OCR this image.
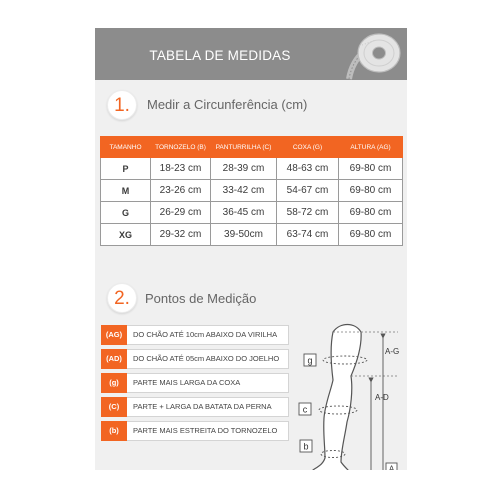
TABELA DE MEDIDAS
1.	Medir a Circunferência (cm)
TAMANHO	TORNOZELO (B)	PANTURRILHA (C)	COXA (G)	ALTURA (AG)
P	18-23 cm	28-39 cm	48-63 cm	69-80 cm
M	23-26 cm	33-42 cm	54-67 cm	69-80 cm
G	26-29 cm	36-45 cm	58-72 cm	69-80 cm
XG	29-32 cm	39-50cm	63-74 cm	69-80 cm
2.	Pontos de Medição
(AG)	DO CHÃO ATÉ 10cm ABAIXO DA VIRILHA
(AD)	DO CHÃO ATÉ 05cm ABAIXO DO JOELHO
(g)	PARTE MAIS LARGA DA COXA
(C)	PARTE + LARGA DA BATATA DA PERNA
(b)	PARTE MAIS ESTREITA DO TORNOZELO
g
c
b
A-G
A-D
A
